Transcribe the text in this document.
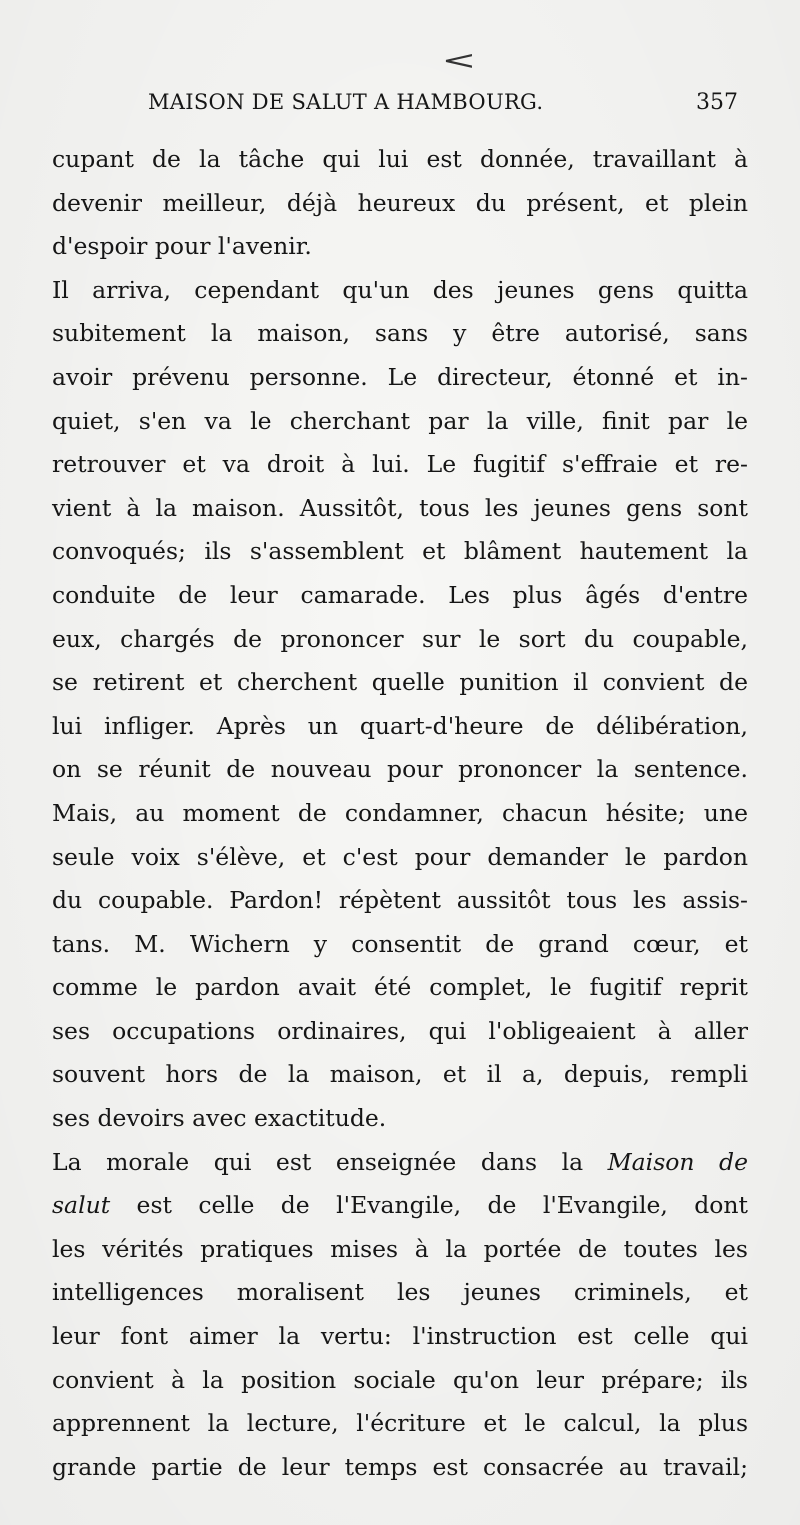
<
MAISON DE SALUT A HAMBOURG.	357
cupant de la tâche qui lui est donnée, travaillant à
devenir meilleur, déjà heureux du présent, et plein
d'espoir pour l'avenir.
Il arriva, cependant qu'un des jeunes gens quitta
subitement la maison, sans y être autorisé, sans
avoir prévenu personne. Le directeur, étonné et in-
quiet, s'en va le cherchant par la ville, finit par le
retrouver et va droit à lui. Le fugitif s'effraie et re-
vient à la maison. Aussitôt, tous les jeunes gens sont
convoqués; ils s'assemblent et blâment hautement la
conduite de leur camarade. Les plus âgés d'entre
eux, chargés de prononcer sur le sort du coupable,
se retirent et cherchent quelle punition il convient de
lui infliger. Après un quart-d'heure de délibération,
on se réunit de nouveau pour prononcer la sentence.
Mais, au moment de condamner, chacun hésite; une
seule voix s'élève, et c'est pour demander le pardon
du coupable. Pardon! répètent aussitôt tous les assis-
tans. M. Wichern y consentit de grand cœur, et
comme le pardon avait été complet, le fugitif reprit
ses occupations ordinaires, qui l'obligeaient à aller
souvent hors de la maison, et il a, depuis, rempli
ses devoirs avec exactitude.
La morale qui est enseignée dans la Maison de
salut est celle de l'Evangile, de l'Evangile, dont
les vérités pratiques mises à la portée de toutes les
intelligences moralisent les jeunes criminels, et
leur font aimer la vertu: l'instruction est celle qui
convient à la position sociale qu'on leur prépare; ils
apprennent la lecture, l'écriture et le calcul, la plus
grande partie de leur temps est consacrée au travail;
